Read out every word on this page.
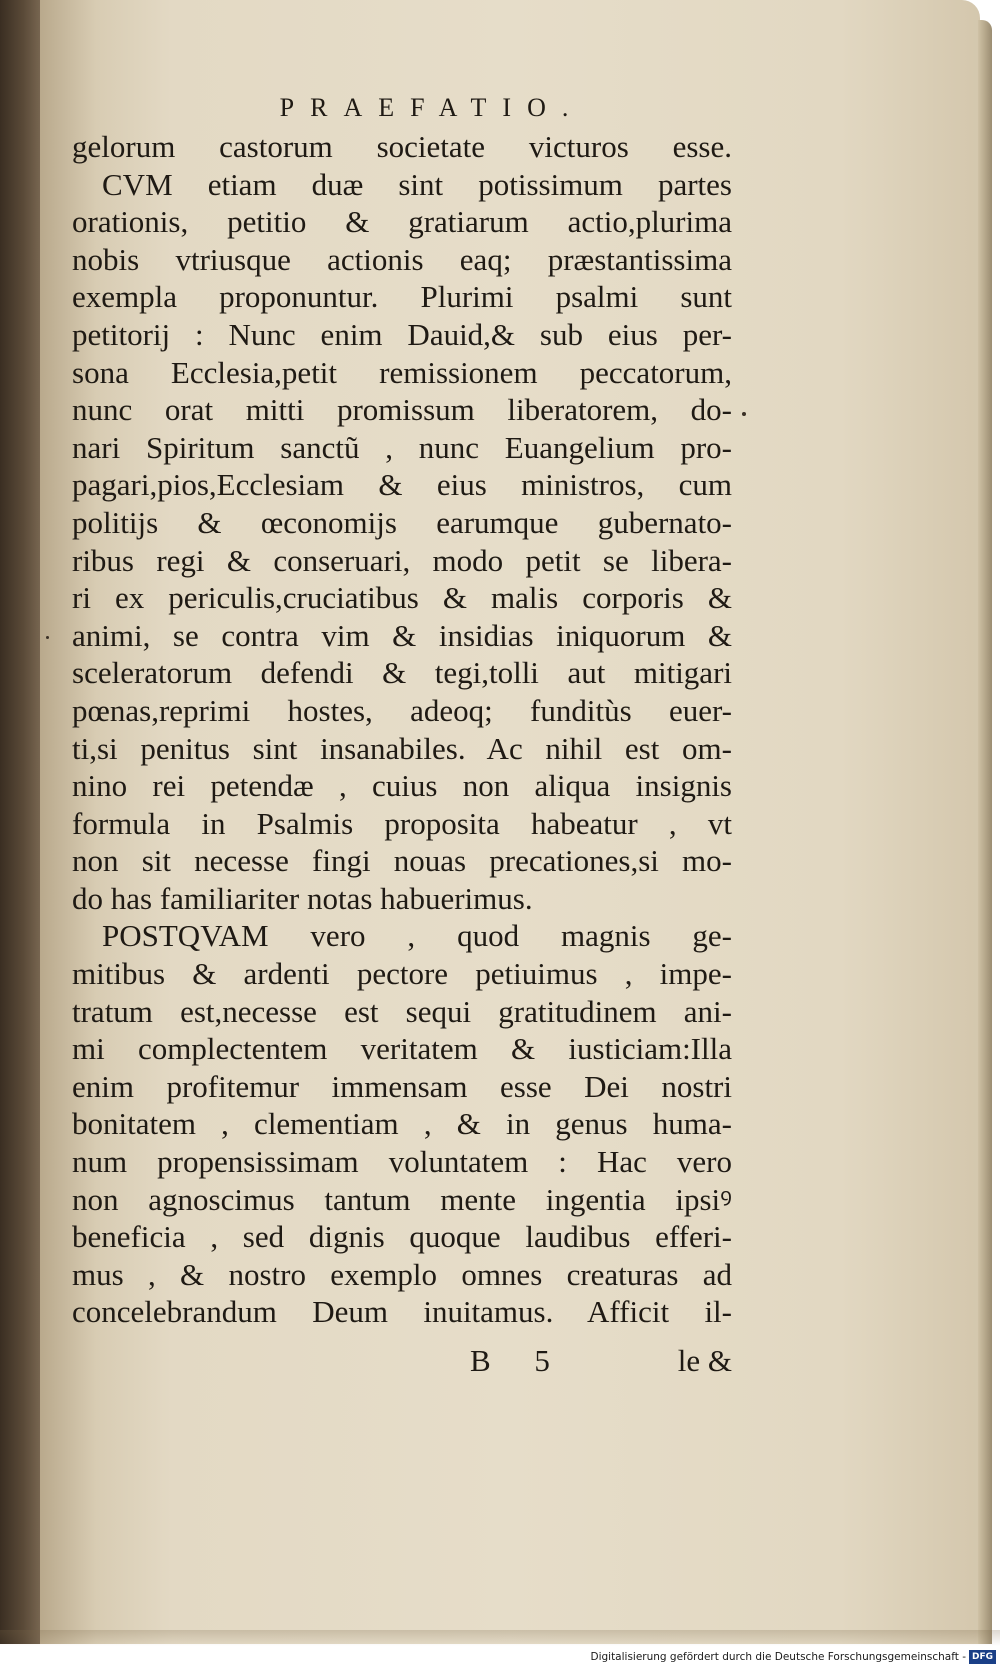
PRAEFATIO.
gelorum castorum societate victuros esse.
CVM etiam duæ sint potissimum partes
orationis, petitio & gratiarum actio,plurima
nobis vtriusque actionis eaq; præstantissima
exempla proponuntur. Plurimi psalmi sunt
petitorij : Nunc enim Dauid,& sub eius per-
sona Ecclesia,petit remissionem peccatorum,
nunc orat mitti promissum liberatorem, do-
nari Spiritum sanctũ , nunc Euangelium pro-
pagari,pios,Ecclesiam & eius ministros, cum
politijs & œconomijs earumque gubernato-
ribus regi & conseruari, modo petit se libera-
ri ex periculis,cruciatibus & malis corporis &
animi, se contra vim & insidias iniquorum &
sceleratorum defendi & tegi,tolli aut mitigari
pœnas,reprimi hostes, adeoq; funditùs euer-
ti,si penitus sint insanabiles. Ac nihil est om-
nino rei petendæ , cuius non aliqua insignis
formula in Psalmis proposita habeatur , vt
non sit necesse fingi nouas precationes,si mo-
do has familiariter notas habuerimus.
POSTQVAM vero , quod magnis ge-
mitibus & ardenti pectore petiuimus , impe-
tratum est,necesse est sequi gratitudinem ani-
mi complectentem veritatem & iusticiam:Illa
enim profitemur immensam esse Dei nostri
bonitatem , clementiam , & in genus huma-
num propensissimam voluntatem : Hac vero
non agnoscimus tantum mente ingentia ipsiꝰ
beneficia , sed dignis quoque laudibus efferi-
mus , & nostro exemplo omnes creaturas ad
concelebrandum Deum inuitamus. Afficit il-
B 5	le &
Digitalisierung gefördert durch die Deutsche Forschungsgemeinschaft - DFG
